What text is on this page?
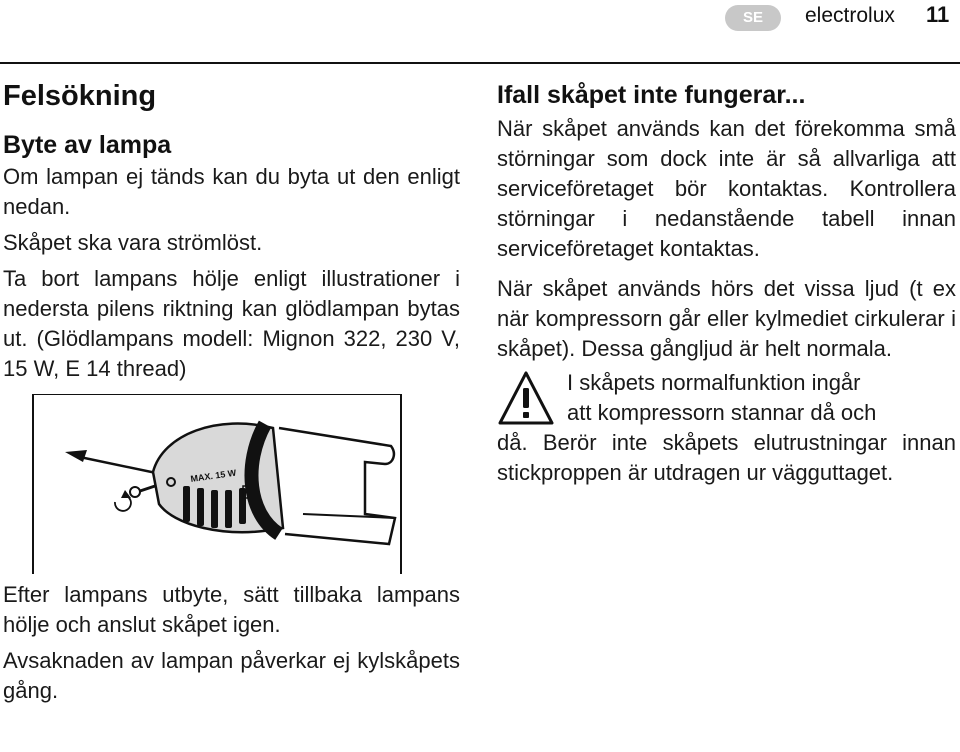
SE	electrolux 11
Felsökning
Byte av lampa

Om lampan ej tänds kan du byta ut den enligt nedan.

Skåpet ska vara strömlöst.

Ta bort lampans hölje enligt illustrationer i nedersta pilens riktning kan glödlampan bytas ut. (Glödlampans modell: Mignon 322, 230 V, 15 W, E 14 thread)

MAX. 15 W

Efter lampans utbyte, sätt tillbaka lampans hölje och anslut skåpet igen.

Avsaknaden av lampan påverkar ej kylskåpets gång.

Ifall skåpet inte fungerar...

När skåpet används kan det förekomma små störningar som dock inte är så allvarliga att serviceföretaget bör kontaktas. Kontrollera störningar i nedanstående tabell innan serviceföretaget kontaktas.

När skåpet används hörs det vissa ljud (t ex när kompressorn går eller kylmediet cirkulerar i skåpet). Dessa gångljud är helt normala.

I skåpets normalfunktion ingår

att kompressorn stannar då och

då. Berör inte skåpets elutrustningar innan stickproppen är utdragen ur vägguttaget.
